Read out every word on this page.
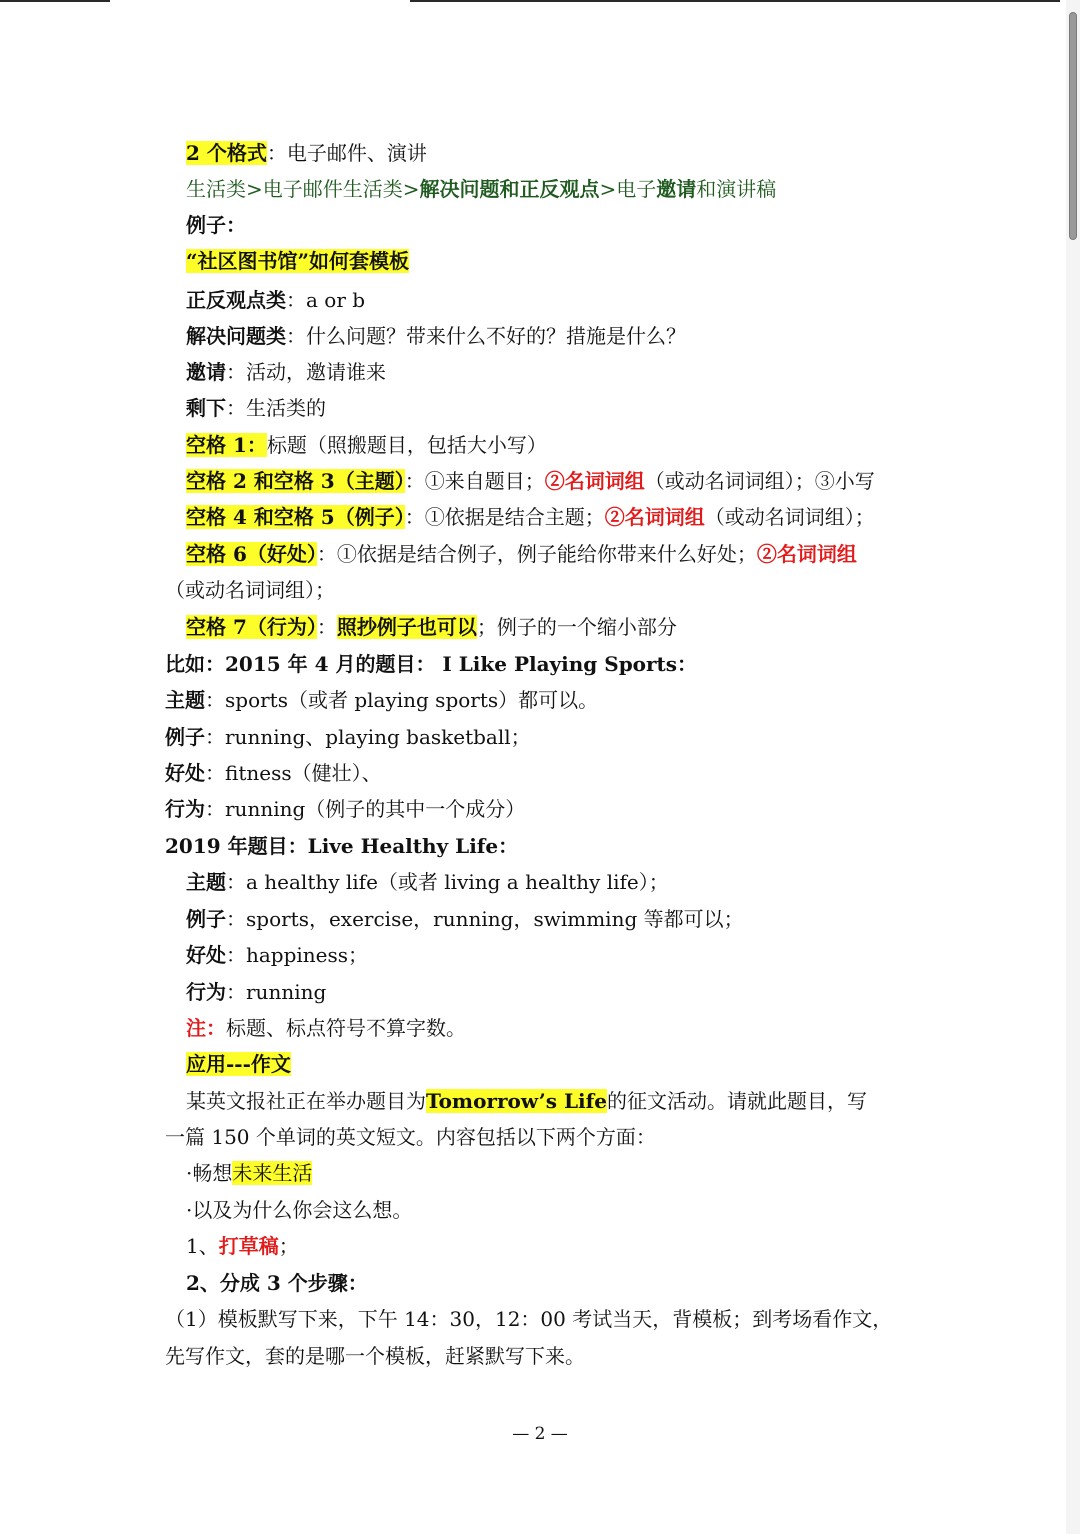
2 个格式：电子邮件、演讲
生活类>电子邮件生活类>解决问题和正反观点>电子邀请和演讲稿
例子：
“社区图书馆”如何套模板
正反观点类：a or b
解决问题类：什么问题？带来什么不好的？措施是什么？
邀请：活动，邀请谁来
剩下：生活类的
空格 1：标题（照搬题目，包括大小写）
空格 2 和空格 3（主题）：①来自题目；②名词词组（或动名词词组）；③小写
空格 4 和空格 5（例子）：①依据是结合主题；②名词词组（或动名词词组）；
空格 6（好处）：①依据是结合例子，例子能给你带来什么好处；②名词词组
（或动名词词组）；
空格 7（行为）：照抄例子也可以；例子的一个缩小部分
比如：2015 年 4 月的题目： I Like Playing Sports：
主题：sports（或者 playing sports）都可以。
例子：running、playing basketball；
好处：fitness（健壮）、
行为：running（例子的其中一个成分）
2019 年题目：Live Healthy Life：
主题：a healthy life（或者 living a healthy life）；
例子：sports，exercise，running，swimming 等都可以；
好处：happiness；
行为：running
注：标题、标点符号不算字数。
应用---作文
某英文报社正在举办题目为Tomorrow’s Life的征文活动。请就此题目，写
一篇 150 个单词的英文短文。内容包括以下两个方面：
·畅想未来生活
·以及为什么你会这么想。
1、打草稿；
2、分成 3 个步骤：
（1）模板默写下来，下午 14：30，12：00 考试当天，背模板；到考场看作文，
先写作文，套的是哪一个模板，赶紧默写下来。
— 2 —
